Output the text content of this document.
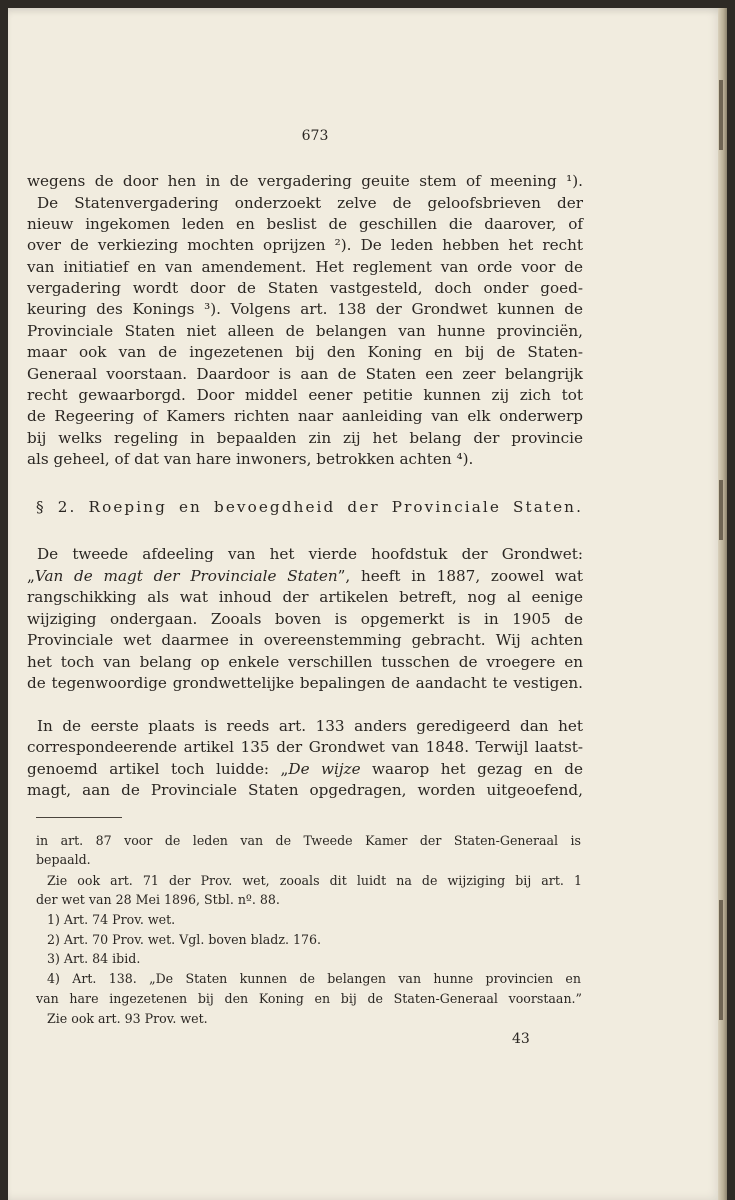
673
wegens de door hen in de vergadering geuite stem of meening ¹).
De Statenvergadering onderzoekt zelve de geloofsbrieven der
nieuw ingekomen leden en beslist de geschillen die daarover, of
over de verkiezing mochten oprijzen ²). De leden hebben het recht
van initiatief en van amendement. Het reglement van orde voor de
vergadering wordt door de Staten vastgesteld, doch onder goed-
keuring des Konings ³). Volgens art. 138 der Grondwet kunnen de
Provinciale Staten niet alleen de belangen van hunne provinciën,
maar ook van de ingezetenen bij den Koning en bij de Staten-
Generaal voorstaan. Daardoor is aan de Staten een zeer belangrijk
recht gewaarborgd. Door middel eener petitie kunnen zij zich tot
de Regeering of Kamers richten naar aanleiding van elk onderwerp
bij welks regeling in bepaalden zin zij het belang der provincie
als geheel, of dat van hare inwoners, betrokken achten ⁴).
§ 2. Roeping en bevoegdheid der Provinciale Staten.
De tweede afdeeling van het vierde hoofdstuk der Grondwet:
„Van de magt der Provinciale Staten”, heeft in 1887, zoowel wat
rangschikking als wat inhoud der artikelen betreft, nog al eenige
wijziging ondergaan. Zooals boven is opgemerkt is in 1905 de
Provinciale wet daarmee in overeenstemming gebracht. Wij achten
het toch van belang op enkele verschillen tusschen de vroegere en
de tegenwoordige grondwettelijke bepalingen de aandacht te vestigen.
In de eerste plaats is reeds art. 133 anders geredigeerd dan het
correspondeerende artikel 135 der Grondwet van 1848. Terwijl laatst-
genoemd artikel toch luidde: „De wijze waarop het gezag en de
magt, aan de Provinciale Staten opgedragen, worden uitgeoefend,
in art. 87 voor de leden van de Tweede Kamer der Staten-Generaal is
bepaald.
Zie ook art. 71 der Prov. wet, zooals dit luidt na de wijziging bij art. 1
der wet van 28 Mei 1896, Stbl. nº. 88.
1) Art. 74 Prov. wet.
2) Art. 70 Prov. wet. Vgl. boven bladz. 176.
3) Art. 84 ibid.
4) Art. 138. „De Staten kunnen de belangen van hunne provincien en
van hare ingezetenen bij den Koning en bij de Staten-Generaal voorstaan.”
Zie ook art. 93 Prov. wet.
43
